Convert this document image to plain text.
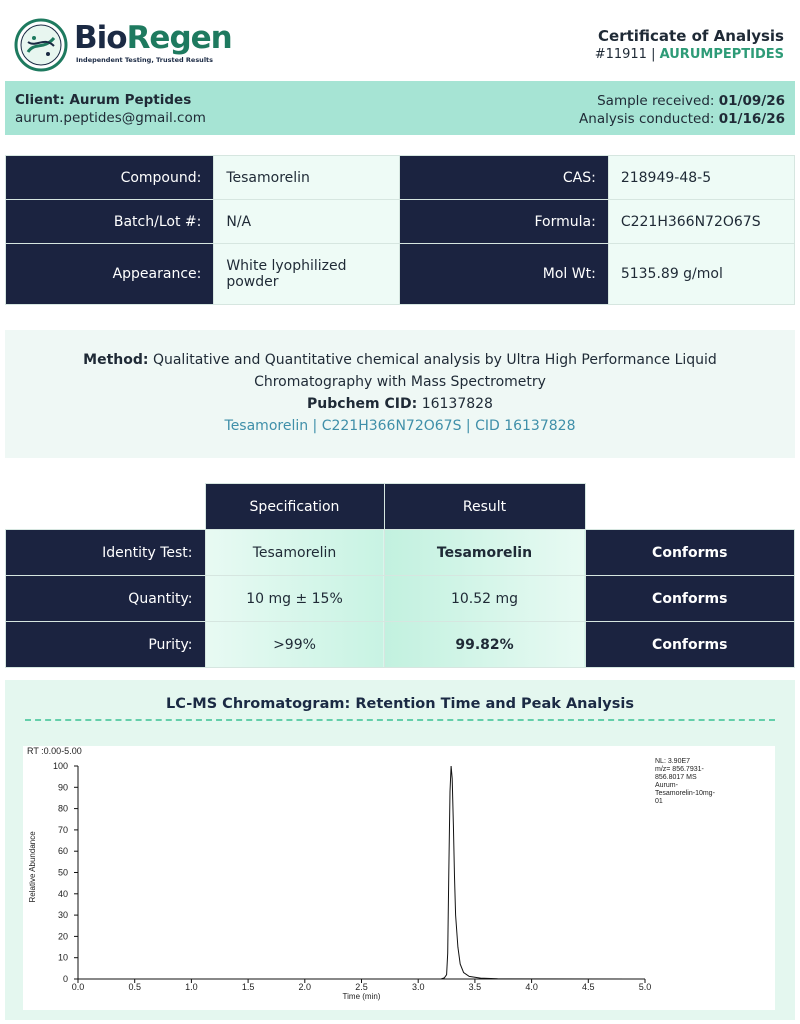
BioRegen
Independent Testing, Trusted Results
Certificate of Analysis
#11911 | AURUMPEPTIDES
Client: Aurum Peptides
aurum.peptides@gmail.com
Sample received: 01/09/26
Analysis conducted: 01/16/26
Compound:	Tesamorelin	CAS:	218949-48-5
Batch/Lot #:	N/A	Formula:	C221H366N72O67S
Appearance:	White lyophilized powder	Mol Wt:	5135.89 g/mol
Method: Qualitative and Quantitative chemical analysis by Ultra High Performance Liquid Chromatography with Mass Spectrometry
Pubchem CID: 16137828
Tesamorelin | C221H366N72O67S | CID 16137828
	Specification	Result	
Identity Test:	Tesamorelin	Tesamorelin	Conforms
Quantity:	10 mg ± 15%	10.52 mg	Conforms
Purity:	>99%	99.82%	Conforms
LC-MS Chromatogram: Retention Time and Peak Analysis
RT :0.00-5.00
NL: 3.90E7
m/z= 856.7931-
856.8017 MS
Aurum-
Tesamorelin-10mg-
01
Relative Abundance
Time (min)
0
10
20
30
40
50
60
70
80
90
100
0.0	0.5	1.0	1.5	2.0	2.5	3.0	3.5	4.0	4.5	5.0
